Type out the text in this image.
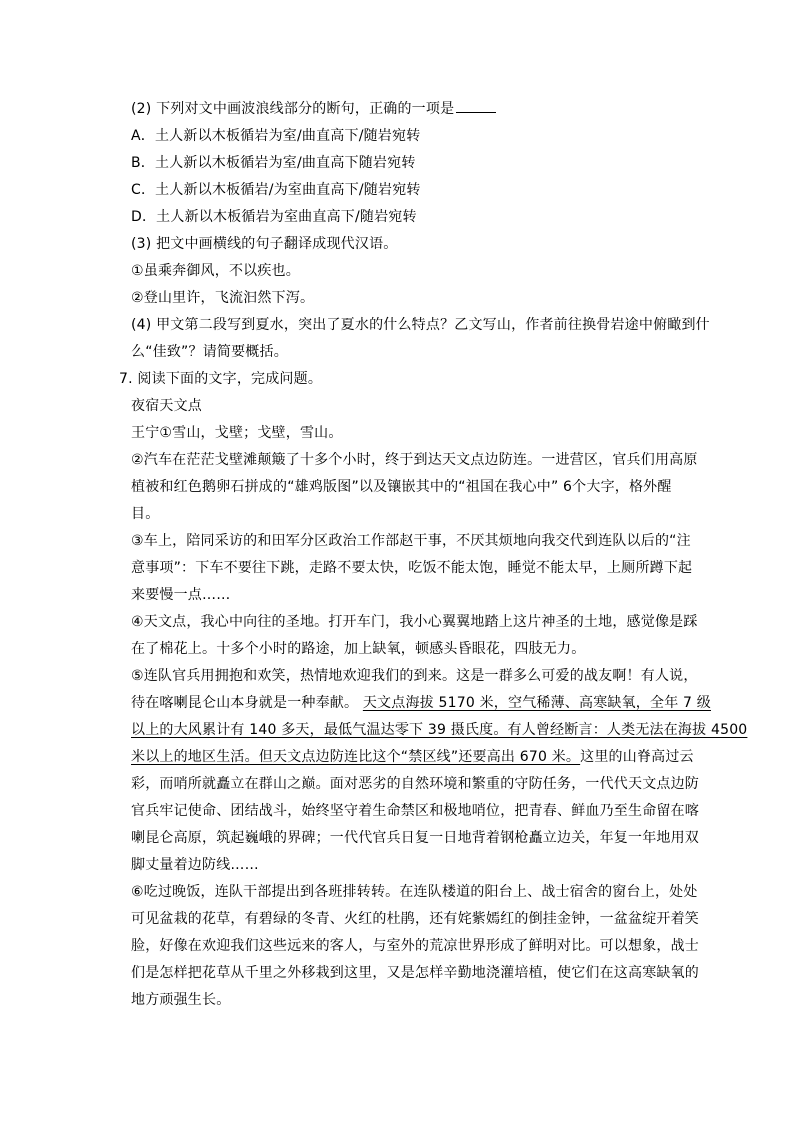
(2) 下列对文中画波浪线部分的断句，正确的一项是
A．土人新以木板循岩为室/曲直高下/随岩宛转
B．土人新以木板循岩为室/曲直高下随岩宛转
C．土人新以木板循岩/为室曲直高下/随岩宛转
D．土人新以木板循岩为室曲直高下/随岩宛转
(3) 把文中画横线的句子翻译成现代汉语。
①虽乘奔御风，不以疾也。
②登山里许，飞流汩然下泻。
(4) 甲文第二段写到夏水，突出了夏水的什么特点？乙文写山，作者前往换骨岩途中俯瞰到什
么“佳致”？请简要概括。
7. 阅读下面的文字，完成问题。
夜宿天文点
王宁①雪山，戈壁；戈壁，雪山。
②汽车在茫茫戈壁滩颠簸了十多个小时，终于到达天文点边防连。一进营区，官兵们用高原
植被和红色鹅卵石拼成的“雄鸡版图”以及镶嵌其中的“祖国在我心中” 6个大字，格外醒
目。
③车上，陪同采访的和田军分区政治工作部赵干事，不厌其烦地向我交代到连队以后的“注
意事项”：下车不要往下跳，走路不要太快，吃饭不能太饱，睡觉不能太早，上厕所蹲下起
来要慢一点……
④天文点，我心中向往的圣地。打开车门，我小心翼翼地踏上这片神圣的土地，感觉像是踩
在了棉花上。十多个小时的路途，加上缺氧，顿感头昏眼花，四肢无力。
⑤连队官兵用拥抱和欢笑，热情地欢迎我们的到来。这是一群多么可爱的战友啊！有人说，
待在喀喇昆仑山本身就是一种奉献。 天文点海拔 5170 米，空气稀薄、高寒缺氧，全年 7 级
以上的大风累计有 140 多天，最低气温达零下 39 摄氏度。有人曾经断言：人类无法在海拔 4500
米以上的地区生活。但天文点边防连比这个“禁区线”还要高出 670 米。这里的山脊高过云
彩，而哨所就矗立在群山之巅。面对恶劣的自然环境和繁重的守防任务，一代代天文点边防
官兵牢记使命、团结战斗，始终坚守着生命禁区和极地哨位，把青春、鲜血乃至生命留在喀
喇昆仑高原，筑起巍峨的界碑；一代代官兵日复一日地背着钢枪矗立边关，年复一年地用双
脚丈量着边防线……
⑥吃过晚饭，连队干部提出到各班排转转。在连队楼道的阳台上、战士宿舍的窗台上，处处
可见盆栽的花草，有碧绿的冬青、火红的杜鹃，还有姹紫嫣红的倒挂金钟，一盆盆绽开着笑
脸，好像在欢迎我们这些远来的客人，与室外的荒凉世界形成了鲜明对比。可以想象，战士
们是怎样把花草从千里之外移栽到这里，又是怎样辛勤地浇灌培植，使它们在这高寒缺氧的
地方顽强生长。
